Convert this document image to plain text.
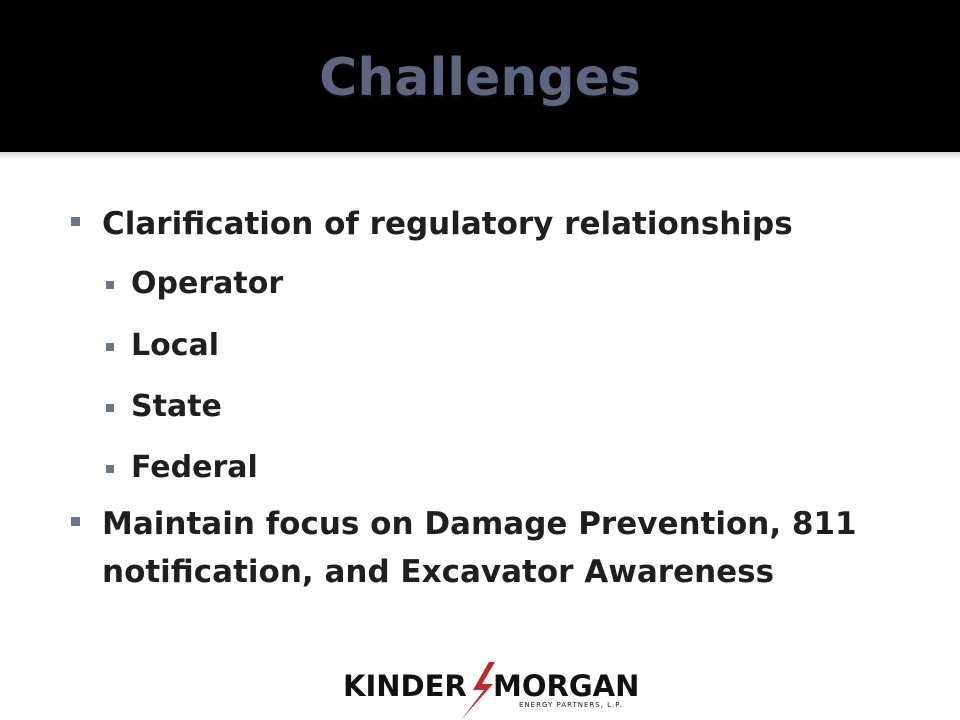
Challenges
Clarification of regulatory relationships
Operator
Local
State
Federal
Maintain focus on Damage Prevention, 811 notification, and Excavator Awareness
KINDER MORGAN
ENERGY PARTNERS, L.P.
